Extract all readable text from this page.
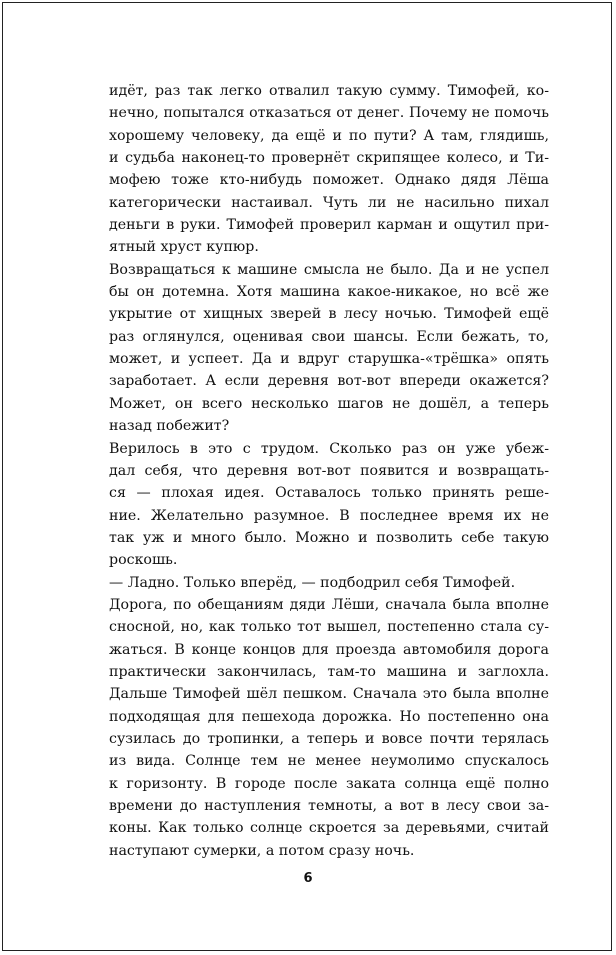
идёт, раз так легко отвалил такую сумму. Тимофей, ко-
нечно, попытался отказаться от денег. Почему не помочь
хорошему человеку, да ещё и по пути? А там, глядишь,
и судьба наконец-то провернёт скрипящее колесо, и Ти-
мофею тоже кто-нибудь поможет. Однако дядя Лёша
категорически настаивал. Чуть ли не насильно пихал
деньги в руки. Тимофей проверил карман и ощутил при-
ятный хруст купюр.
Возвращаться к машине смысла не было. Да и не успел
бы он дотемна. Хотя машина какое-никакое, но всё же
укрытие от хищных зверей в лесу ночью. Тимофей ещё
раз оглянулся, оценивая свои шансы. Если бежать, то,
может, и успеет. Да и вдруг старушка-«трёшка» опять
заработает. А если деревня вот-вот впереди окажется?
Может, он всего несколько шагов не дошёл, а теперь
назад побежит?
Верилось в это с трудом. Сколько раз он уже убеж-
дал себя, что деревня вот-вот появится и возвращать-
ся — плохая идея. Оставалось только принять реше-
ние. Желательно разумное. В последнее время их не
так уж и много было. Можно и позволить себе такую
роскошь.
— Ладно. Только вперёд, — подбодрил себя Тимофей.
Дорога, по обещаниям дяди Лёши, сначала была вполне
сносной, но, как только тот вышел, постепенно стала су-
жаться. В конце концов для проезда автомобиля дорога
практически закончилась, там-то машина и заглохла.
Дальше Тимофей шёл пешком. Сначала это была вполне
подходящая для пешехода дорожка. Но постепенно она
сузилась до тропинки, а теперь и вовсе почти терялась
из вида. Солнце тем не менее неумолимо спускалось
к горизонту. В городе после заката солнца ещё полно
времени до наступления темноты, а вот в лесу свои за-
коны. Как только солнце скроется за деревьями, считай
наступают сумерки, а потом сразу ночь.
6
